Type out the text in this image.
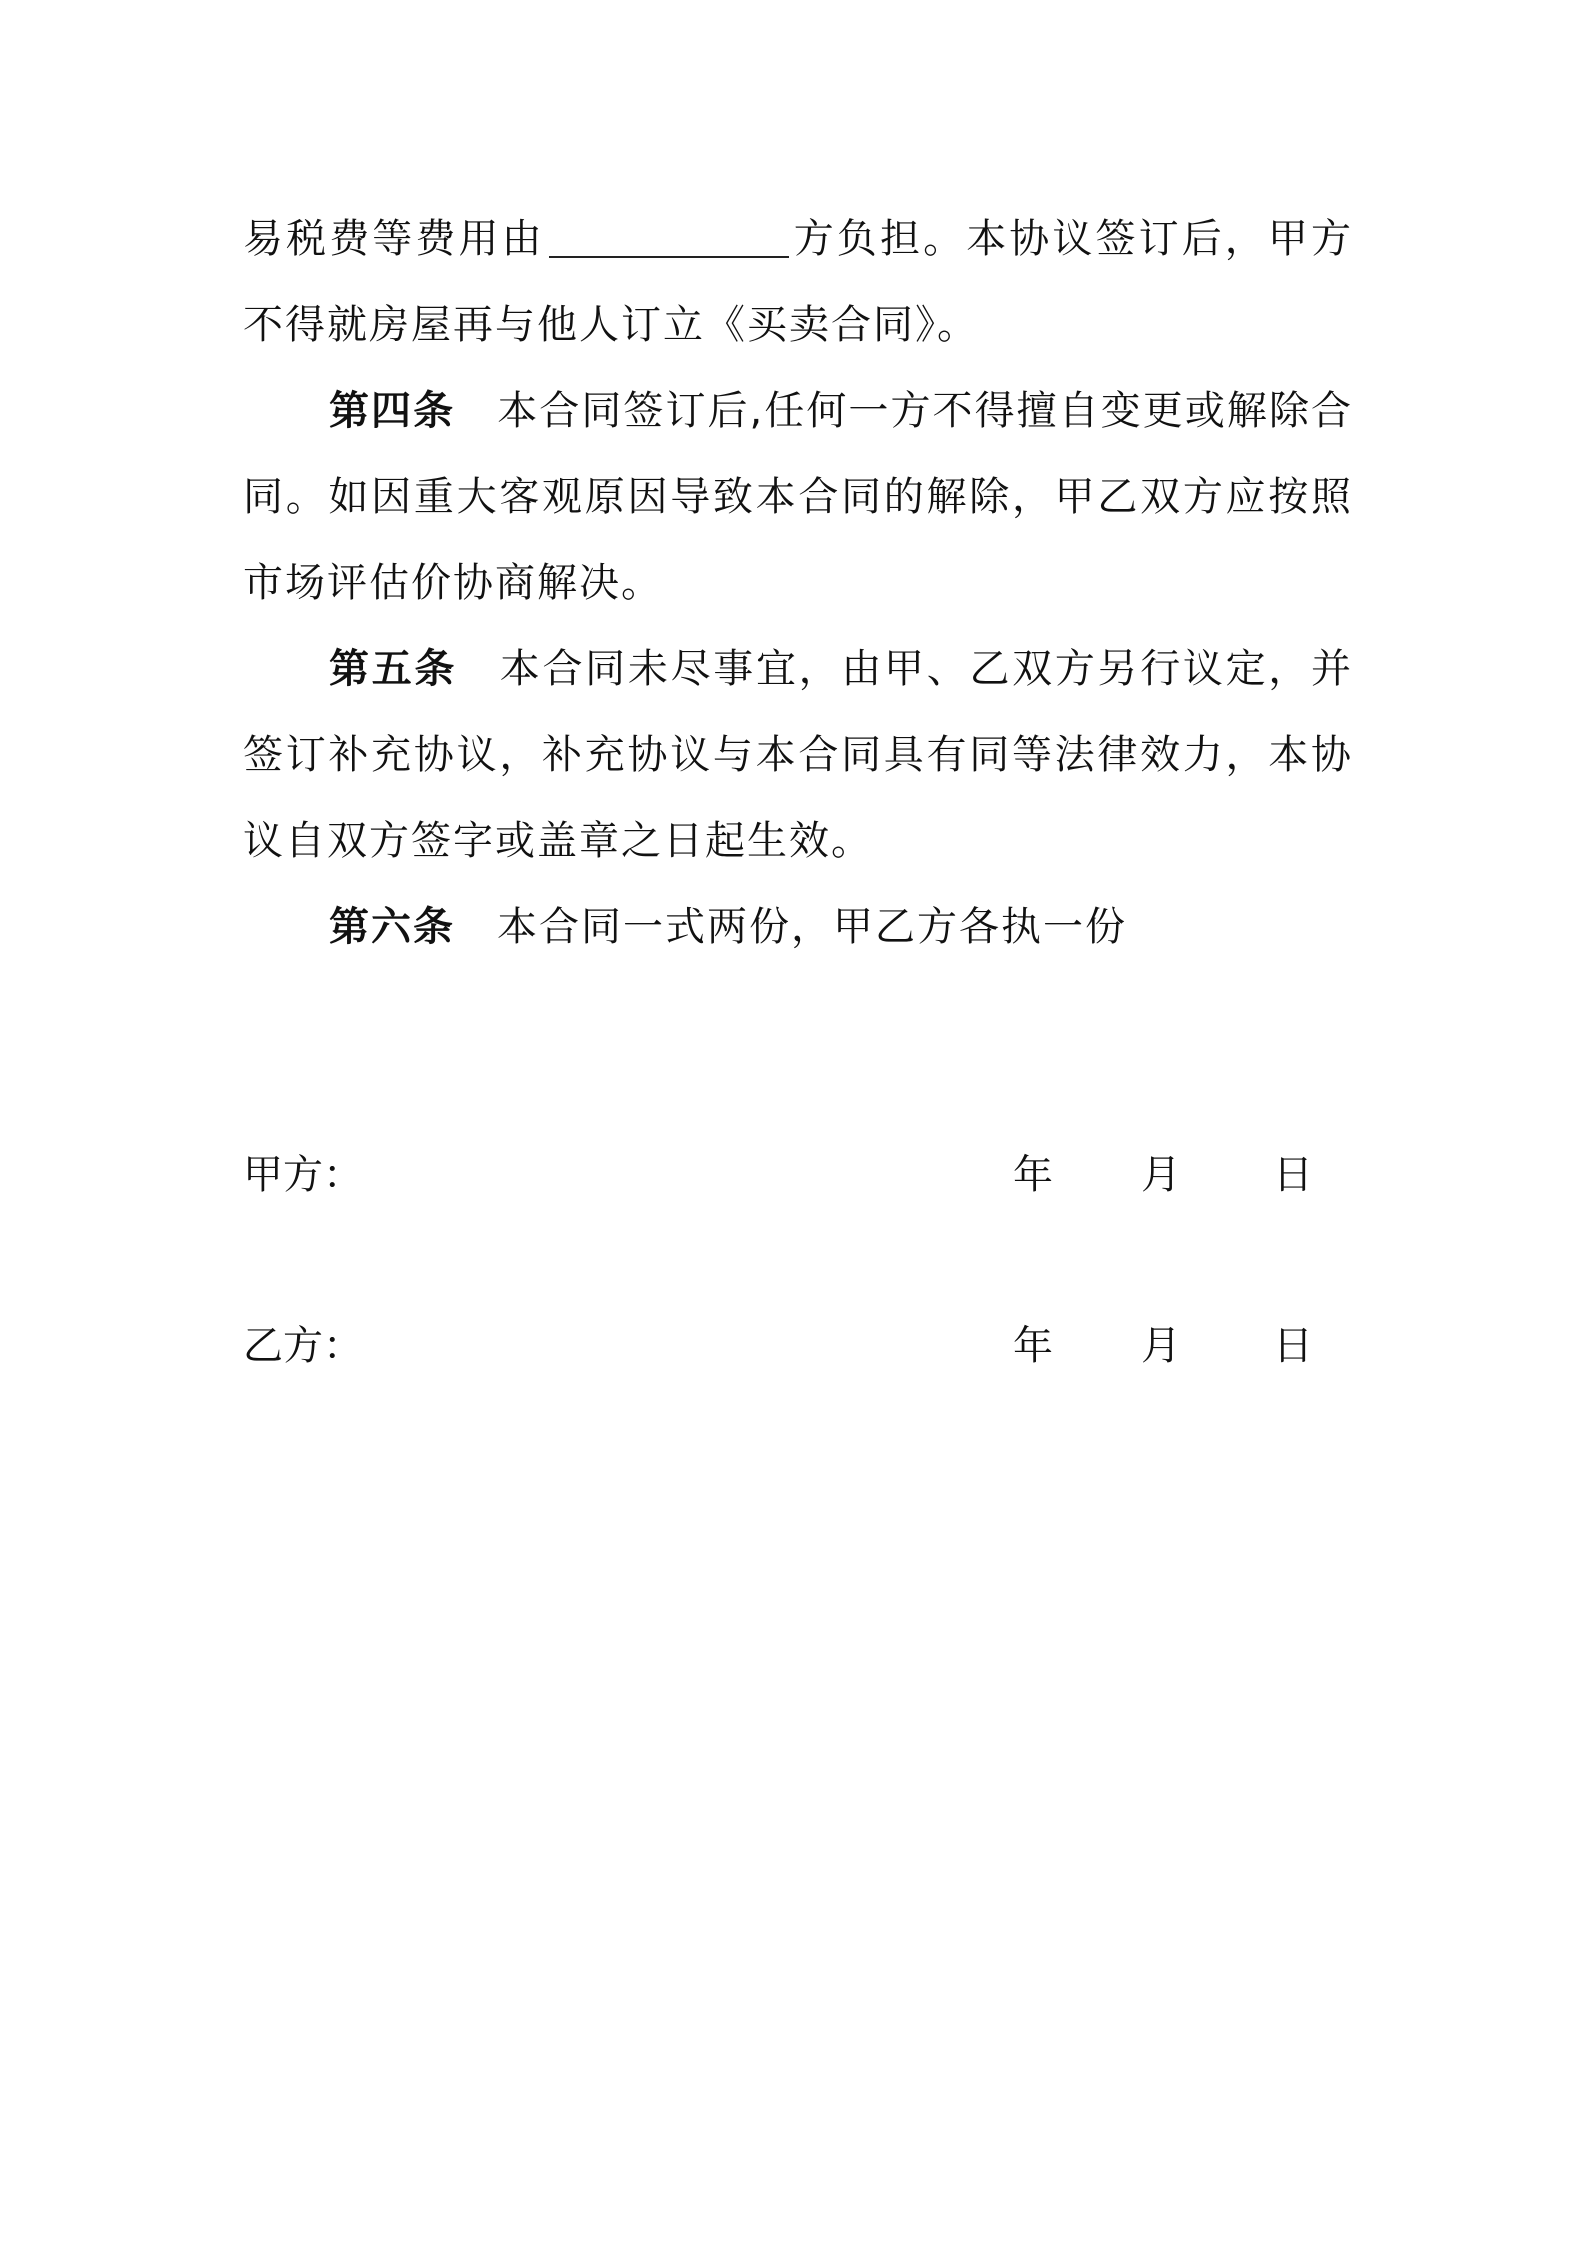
易税费等费用由	方负担。本协议签订后，甲方不得就房屋再与他人订立《买卖合同》。

第四条  本合同签订后,任何一方不得擅自变更或解除合同。如因重大客观原因导致本合同的解除，甲乙双方应按照市场评估价协商解决。

第五条  本合同未尽事宜，由甲、乙双方另行议定，并签订补充协议，补充协议与本合同具有同等法律效力，本协议自双方签字或盖章之日起生效。

第六条  本合同一式两份，甲乙方各执一份

甲方：	年 月 日
乙方：	年 月 日
